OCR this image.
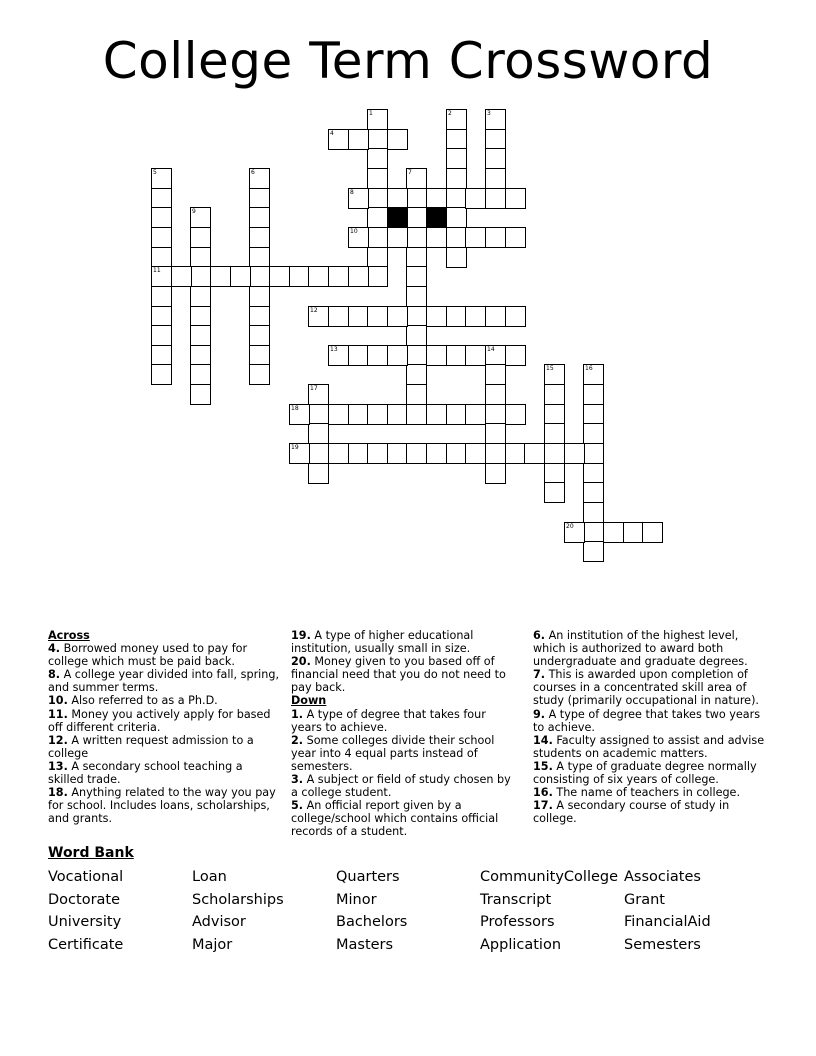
College Term Crossword
1	2	3
4
5
11
6	7
8
9
10
12
13	14
15	16
17
18
19
20
Across
4. Borrowed money used to pay for college which must be paid back.
8. A college year divided into fall, spring, and summer terms.
10. Also referred to as a Ph.D.
11. Money you actively apply for based off different criteria.
12. A written request admission to a college
13. A secondary school teaching a skilled trade.
18. Anything related to the way you pay for school. Includes loans, scholarships, and grants.
19. A type of higher educational institution, usually small in size.
20. Money given to you based off of financial need that you do not need to pay back.
Down
1. A type of degree that takes four years to achieve.
2. Some colleges divide their school year into 4 equal parts instead of semesters.
3. A subject or field of study chosen by a college student.
5. An official report given by a college/school which contains official records of a student.
6. An institution of the highest level, which is authorized to award both undergraduate and graduate degrees.
7. This is awarded upon completion of courses in a concentrated skill area of study (primarily occupational in nature).
9. A type of degree that takes two years to achieve.
14. Faculty assigned to assist and advise students on academic matters.
15. A type of graduate degree normally consisting of six years of college.
16. The name of teachers in college.
17. A secondary course of study in college.
Word Bank
Vocational
Doctorate
University
Certificate
Loan
Scholarships
Advisor
Major
Quarters
Minor
Bachelors
Masters
CommunityCollege
Transcript
Professors
Application
Associates
Grant
FinancialAid
Semesters
